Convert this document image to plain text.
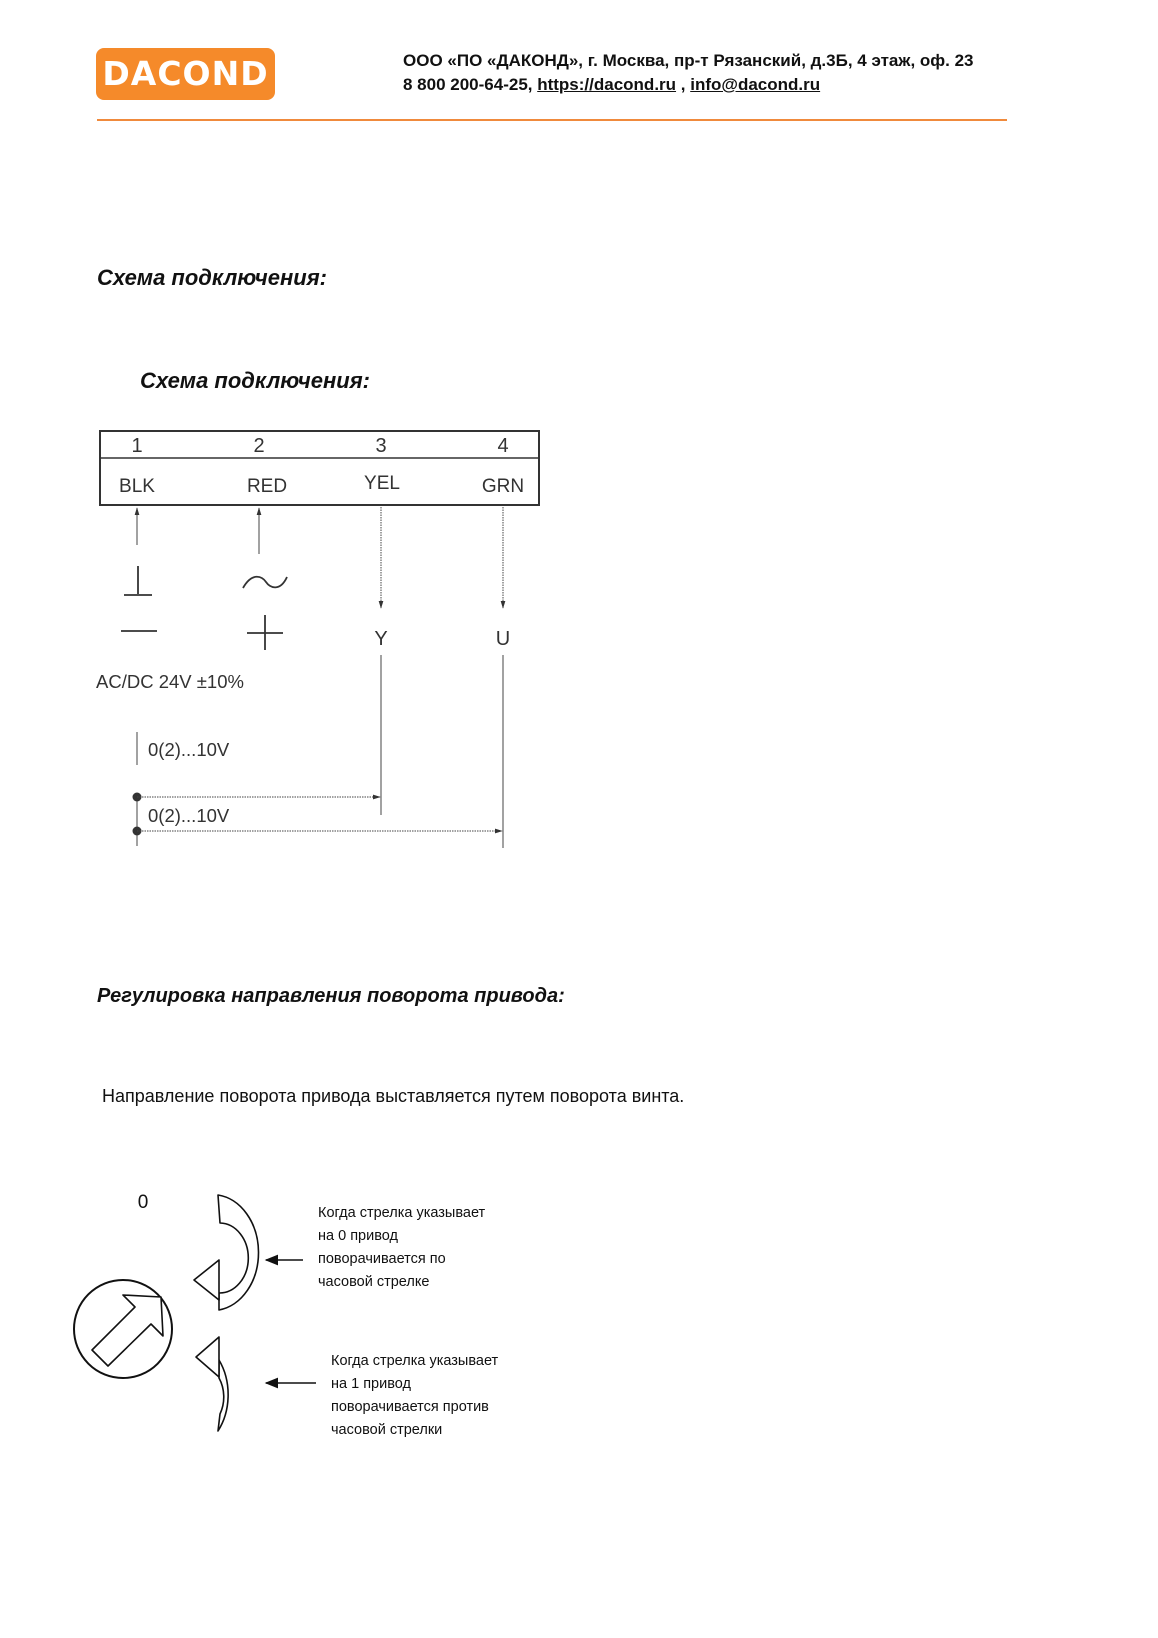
DACOND	ООО «ПО «ДАКОНД», г. Москва, пр-т Рязанский, д.3Б, 4 этаж, оф. 23
8 800 200-64-25, https://dacond.ru , info@dacond.ru
Схема подключения:
Схема подключения:
1	2	3	4
BLK	RED	YEL	GRN
Y	U
AC/DC 24V ±10%
0(2)...10V
0(2)...10V
Регулировка направления поворота привода:
Направление поворота привода выставляется путем поворота винта.
0	Когда стрелка указывает
на 0 привод
поворачивается по
часовой стрелке
Когда стрелка указывает
на 1 привод
поворачивается против
часовой стрелки
